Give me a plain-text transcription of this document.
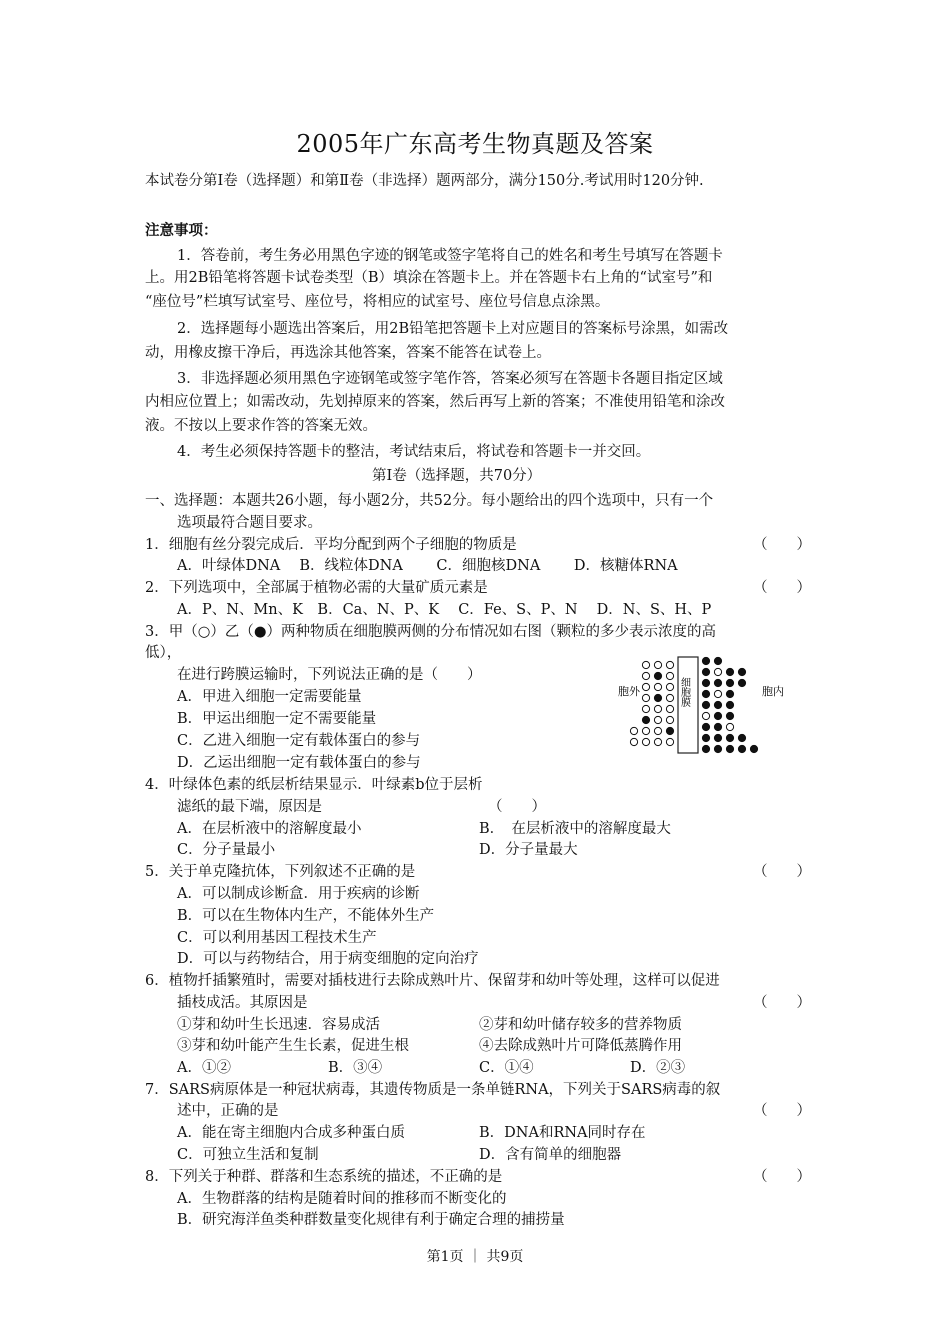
2005年广东高考生物真题及答案
本试卷分第Ⅰ卷（选择题）和第Ⅱ卷（非选择）题两部分，满分150分.考试用时120分钟.
注意事项：
1．答卷前，考生务必用黑色字迹的钢笔或签字笔将自己的姓名和考生号填写在答题卡
上。用2B铅笔将答题卡试卷类型（B）填涂在答题卡上。并在答题卡右上角的“试室号”和
“座位号”栏填写试室号、座位号，将相应的试室号、座位号信息点涂黑。
2．选择题每小题选出答案后，用2B铅笔把答题卡上对应题目的答案标号涂黑，如需改
动，用橡皮擦干净后，再选涂其他答案，答案不能答在试卷上。
3．非选择题必须用黑色字迹钢笔或签字笔作答，答案必须写在答题卡各题目指定区域
内相应位置上；如需改动，先划掉原来的答案，然后再写上新的答案；不准使用铅笔和涂改
液。不按以上要求作答的答案无效。
4．考生必须保持答题卡的整洁，考试结束后，将试卷和答题卡一并交回。
第Ⅰ卷（选择题，共70分）
一、选择题：本题共26小题，每小题2分，共52分。每小题给出的四个选项中，只有一个
选项最符合题目要求。
1．细胞有丝分裂完成后．平均分配到两个子细胞的物质是	（　　）
A．叶绿体DNA　 B．线粒体DNA　　 C．细胞核DNA　　 D．核糖体RNA
2．下列选项中，全部属于植物必需的大量矿质元素是	（　　）
A．P、N、Mn、K　B．Ca、N、P、K　 C．Fe、S、P、N　 D．N、S、H、P
3．甲（○）乙（●）两种物质在细胞膜两侧的分布情况如右图（颗粒的多少表示浓度的高
低），
在进行跨膜运输时，下列说法正确的是（　　）
A．甲进入细胞一定需要能量
B．甲运出细胞一定不需要能量
C．乙进入细胞一定有载体蛋白的参与
D．乙运出细胞一定有载体蛋白的参与
胞外	细胞膜	胞内
4．叶绿体色素的纸层析结果显示．叶绿素b位于层析
滤纸的最下端，原因是	（　　）
A．在层析液中的溶解度最小	B．　在层析液中的溶解度最大
C．分子量最小	D．分子量最大
5．关于单克隆抗体，下列叙述不正确的是	（　　）
A．可以制成诊断盒．用于疾病的诊断
B．可以在生物体内生产，不能体外生产
C．可以利用基因工程技术生产
D．可以与药物结合，用于病变细胞的定向治疗
6．植物扦插繁殖时，需要对插枝进行去除成熟叶片、保留芽和幼叶等处理，这样可以促进
插枝成活。其原因是	（　　）
①芽和幼叶生长迅速．容易成活	②芽和幼叶储存较多的营养物质
③芽和幼叶能产生生长素，促进生根	④去除成熟叶片可降低蒸腾作用
A．①②	B．③④	C．①④	D．②③
7．SARS病原体是一种冠状病毒，其遗传物质是一条单链RNA，下列关于SARS病毒的叙
述中，正确的是	（　　）
A．能在寄主细胞内合成多种蛋白质	B．DNA和RNA同时存在
C．可独立生活和复制	D．含有简单的细胞器
8．下列关于种群、群落和生态系统的描述，不正确的是	（　　）
A．生物群落的结构是随着时间的推移而不断变化的
B．研究海洋鱼类种群数量变化规律有利于确定合理的捕捞量
第1页 ｜ 共9页
